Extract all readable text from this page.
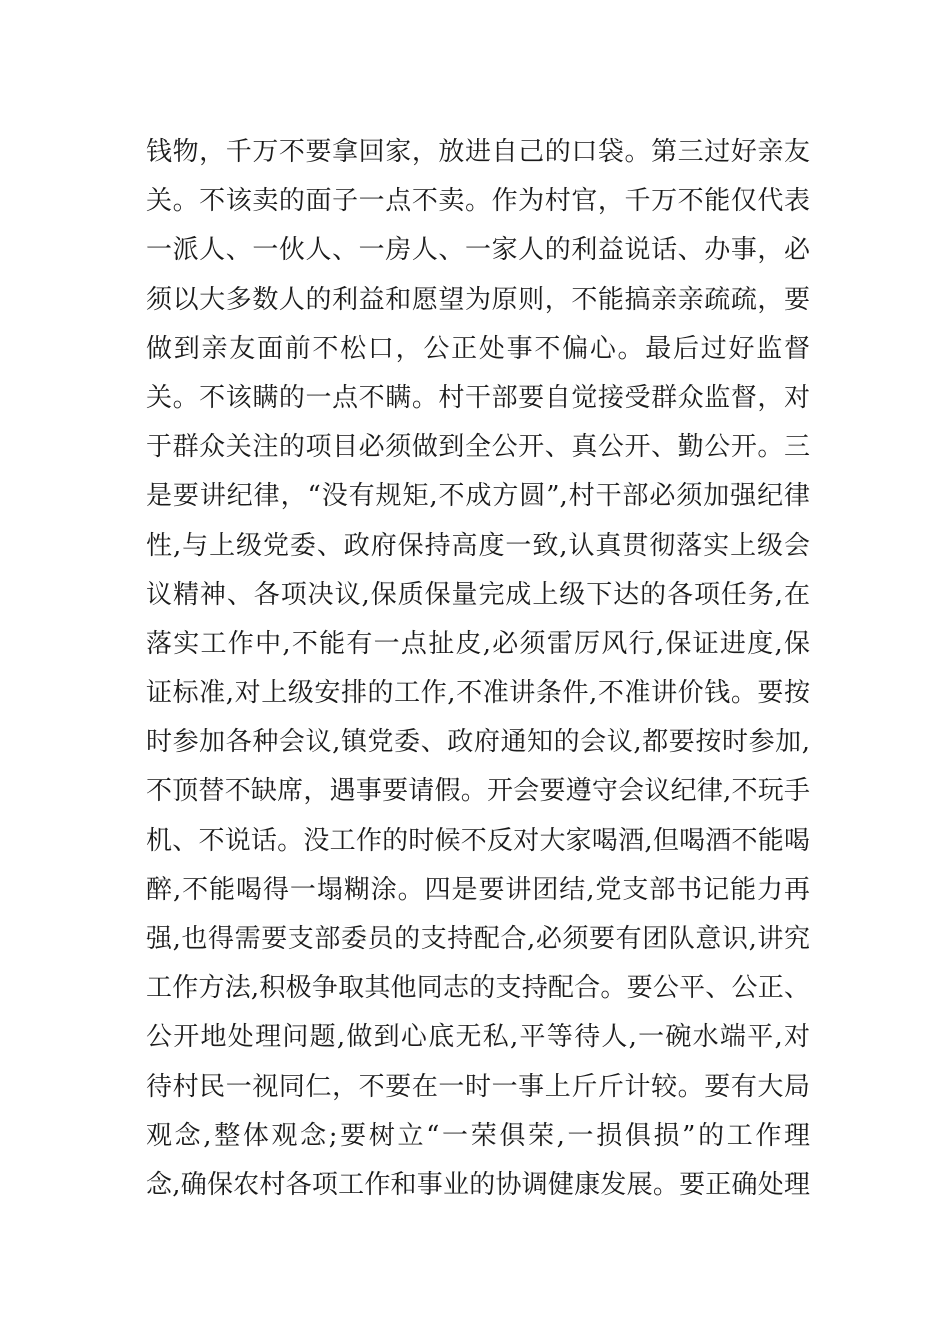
钱物，千万不要拿回家，放进自己的口袋。第三过好亲友
关。不该卖的面子一点不卖。作为村官，千万不能仅代表
一派人、一伙人、一房人、一家人的利益说话、办事，必
须以大多数人的利益和愿望为原则，不能搞亲亲疏疏，要
做到亲友面前不松口，公正处事不偏心。最后过好监督
关。不该瞒的一点不瞒。村干部要自觉接受群众监督，对
于群众关注的项目必须做到全公开、真公开、勤公开。三
是要讲纪律，“没有规矩,不成方圆”,村干部必须加强纪律
性,与上级党委、政府保持高度一致,认真贯彻落实上级会
议精神、各项决议,保质保量完成上级下达的各项任务,在
落实工作中,不能有一点扯皮,必须雷厉风行,保证进度,保
证标准,对上级安排的工作,不准讲条件,不准讲价钱。要按
时参加各种会议,镇党委、政府通知的会议,都要按时参加,
不顶替不缺席，遇事要请假。开会要遵守会议纪律,不玩手
机、不说话。没工作的时候不反对大家喝酒,但喝酒不能喝
醉,不能喝得一塌糊涂。四是要讲团结,党支部书记能力再
强,也得需要支部委员的支持配合,必须要有团队意识,讲究
工作方法,积极争取其他同志的支持配合。要公平、公正、
公开地处理问题,做到心底无私,平等待人,一碗水端平,对
待村民一视同仁，不要在一时一事上斤斤计较。要有大局
观念,整体观念;要树立“一荣俱荣,一损俱损”的工作理
念,确保农村各项工作和事业的协调健康发展。要正确处理
